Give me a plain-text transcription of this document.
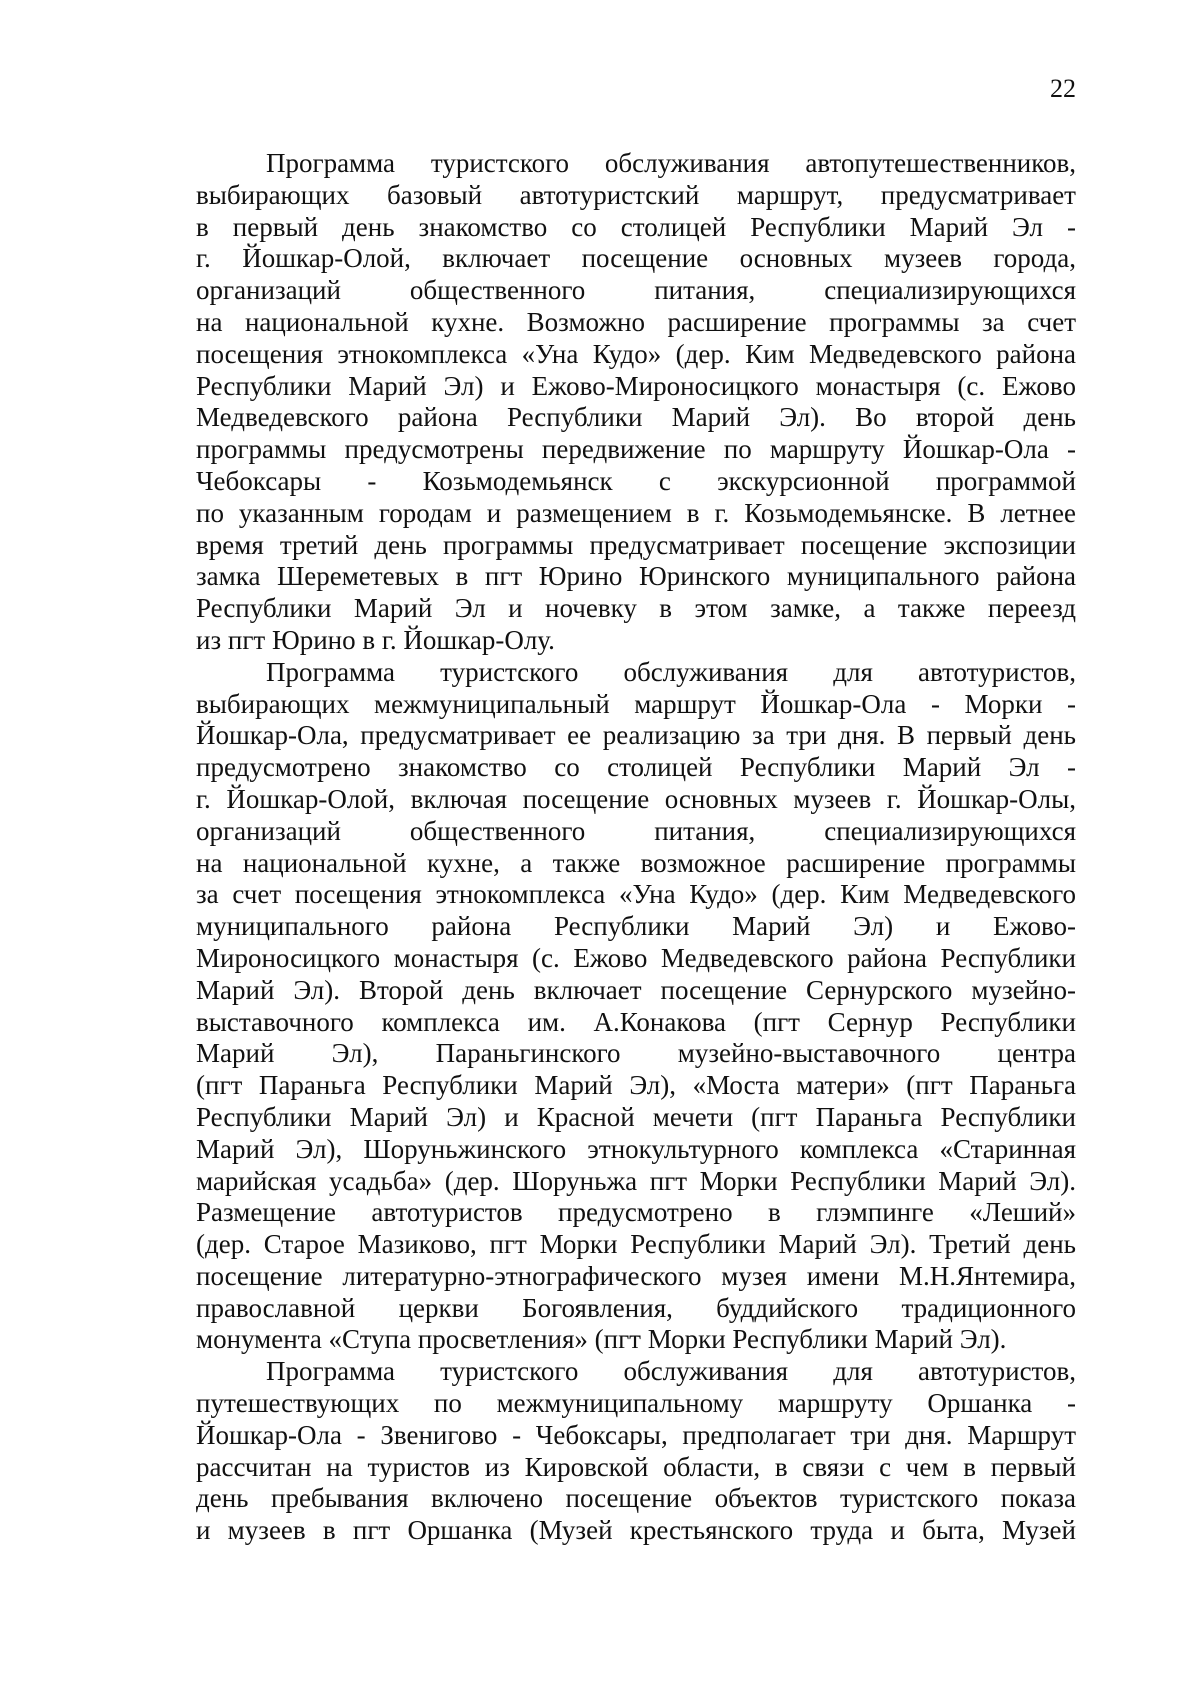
22
Программа туристского обслуживания автопутешественников,
выбирающих базовый автотуристский маршрут, предусматривает
в первый день знакомство со столицей Республики Марий Эл -
г. Йошкар-Олой, включает посещение основных музеев города,
организаций общественного питания, специализирующихся
на национальной кухне. Возможно расширение программы за счет
посещения этнокомплекса «Уна Кудо» (дер. Ким Медведевского района
Республики Марий Эл) и Ежово-Мироносицкого монастыря (с. Ежово
Медведевского района Республики Марий Эл). Во второй день
программы предусмотрены передвижение по маршруту Йошкар-Ола -
Чебоксары - Козьмодемьянск с экскурсионной программой
по указанным городам и размещением в г. Козьмодемьянске. В летнее
время третий день программы предусматривает посещение экспозиции
замка Шереметевых в пгт Юрино Юринского муниципального района
Республики Марий Эл и ночевку в этом замке, а также переезд
из пгт Юрино в г. Йошкар-Олу.
Программа туристского обслуживания для автотуристов,
выбирающих межмуниципальный маршрут Йошкар-Ола - Морки -
Йошкар-Ола, предусматривает ее реализацию за три дня. В первый день
предусмотрено знакомство со столицей Республики Марий Эл -
г. Йошкар-Олой, включая посещение основных музеев г. Йошкар-Олы,
организаций общественного питания, специализирующихся
на национальной кухне, а также возможное расширение программы
за счет посещения этнокомплекса «Уна Кудо» (дер. Ким Медведевского
муниципального района Республики Марий Эл) и Ежово-
Мироносицкого монастыря (с. Ежово Медведевского района Республики
Марий Эл). Второй день включает посещение Сернурского музейно-
выставочного комплекса им. А.Конакова (пгт Сернур Республики
Марий Эл), Параньгинского музейно-выставочного центра
(пгт Параньга Республики Марий Эл), «Моста матери» (пгт Параньга
Республики Марий Эл) и Красной мечети (пгт Параньга Республики
Марий Эл), Шоруньжинского этнокультурного комплекса «Старинная
марийская усадьба» (дер. Шоруньжа пгт Морки Республики Марий Эл).
Размещение автотуристов предусмотрено в глэмпинге «Леший»
(дер. Старое Мазиково, пгт Морки Республики Марий Эл). Третий день
посещение литературно-этнографического музея имени М.Н.Янтемира,
православной церкви Богоявления, буддийского традиционного
монумента «Ступа просветления» (пгт Морки Республики Марий Эл).
Программа туристского обслуживания для автотуристов,
путешествующих по межмуниципальному маршруту Оршанка -
Йошкар-Ола - Звенигово - Чебоксары, предполагает три дня. Маршрут
рассчитан на туристов из Кировской области, в связи с чем в первый
день пребывания включено посещение объектов туристского показа
и музеев в пгт Оршанка (Музей крестьянского труда и быта, Музей
